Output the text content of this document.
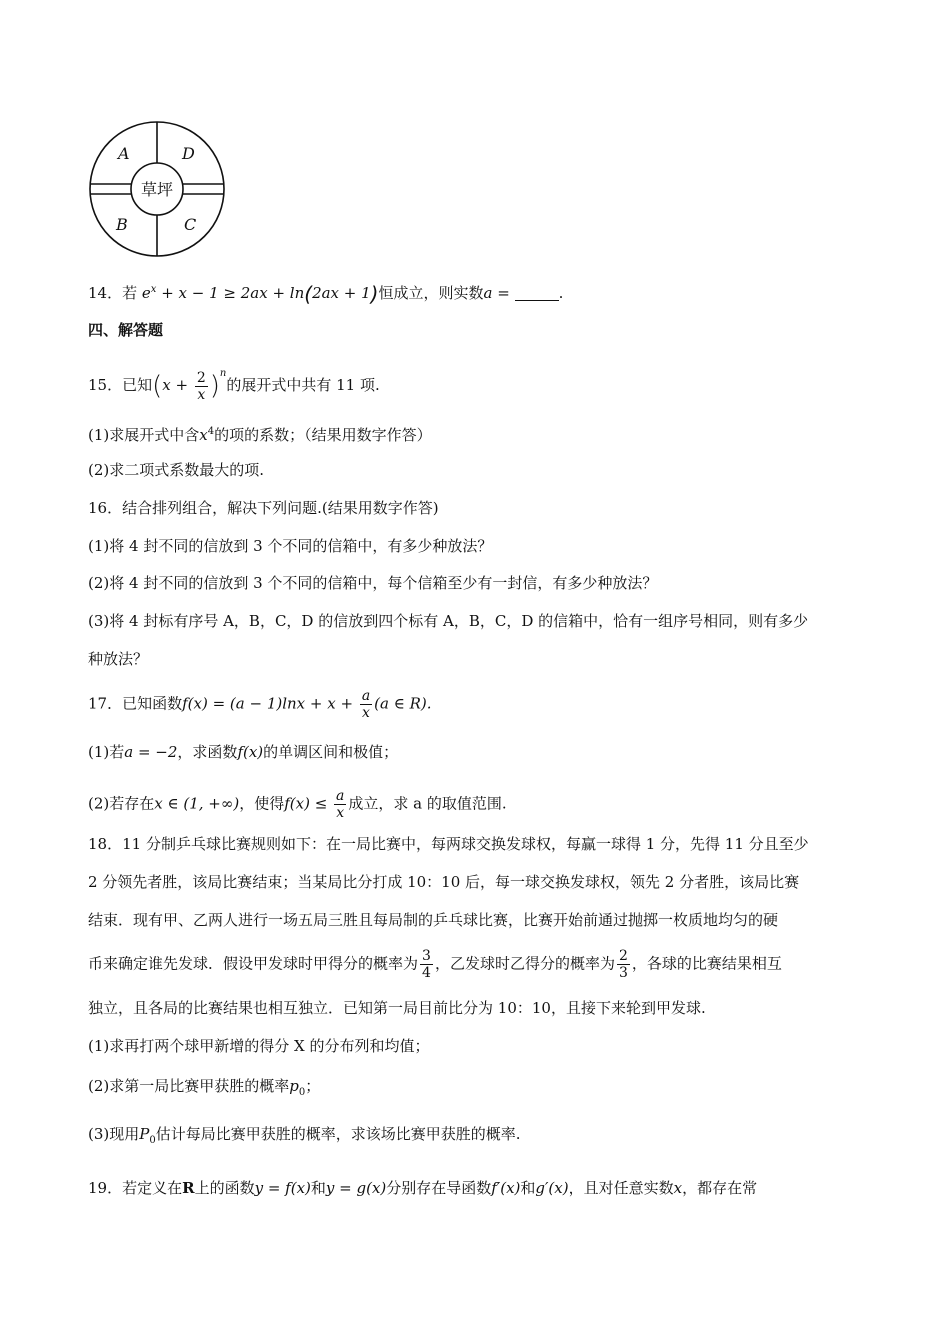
A	D
B	C
草坪
14．若 $e^x + x - 1 \ge 2ax + \ln(2ax + 1)$恒成立，则实数a =	.
四、解答题
15．已知$(x + \frac{2}{x} )^n$的展开式中共有 11 项.
(1)求展开式中含$x^4$的项的系数；（结果用数字作答）
(2)求二项式系数最大的项.
16．结合排列组合，解决下列问题.(结果用数字作答)
(1)将 4 封不同的信放到 3 个不同的信箱中，有多少种放法？
(2)将 4 封不同的信放到 3 个不同的信箱中，每个信箱至少有一封信，有多少种放法？
(3)将 4 封标有序号 A，B，C，D 的信放到四个标有 A，B，C，D 的信箱中，恰有一组序号相同，则有多少
种放法？
17．已知函数$f(x) = (a - 1)\ln x + x + \frac{a}{x} (a$ ∈ R).
(1)若a = −2，求函数f(x)的单调区间和极值；
(2)若存在x ∈ (1, +∞)，使得$f(x) \le \frac{a}{x}$ 成立，求 a 的取值范围.
18．11 分制乒乓球比赛规则如下：在一局比赛中，每两球交换发球权，每赢一球得 1 分，先得 11 分且至少
2 分领先者胜，该局比赛结束；当某局比分打成 10：10 后，每一球交换发球权，领先 2 分者胜，该局比赛
结束．现有甲、乙两人进行一场五局三胜且每局制的乒乓球比赛，比赛开始前通过抛掷一枚质地均匀的硬
币来确定谁先发球．假设甲发球时甲得分的概率为 $\frac{3}{4}$ ，乙发球时乙得分的概率为 $\frac{2}{3}$ ，各球的比赛结果相互
独立，且各局的比赛结果也相互独立．已知第一局目前比分为 10：10，且接下来轮到甲发球.
(1)求再打两个球甲新增的得分 X 的分布列和均值；
(2)求第一局比赛甲获胜的概率$p_0$；
(3)现用$P_0$估计每局比赛甲获胜的概率，求该场比赛甲获胜的概率.
19．若定义在R上的函数y = f(x)和y = g(x)分别存在导函数f′(x)和g′(x)，且对任意实数x，都存在常
